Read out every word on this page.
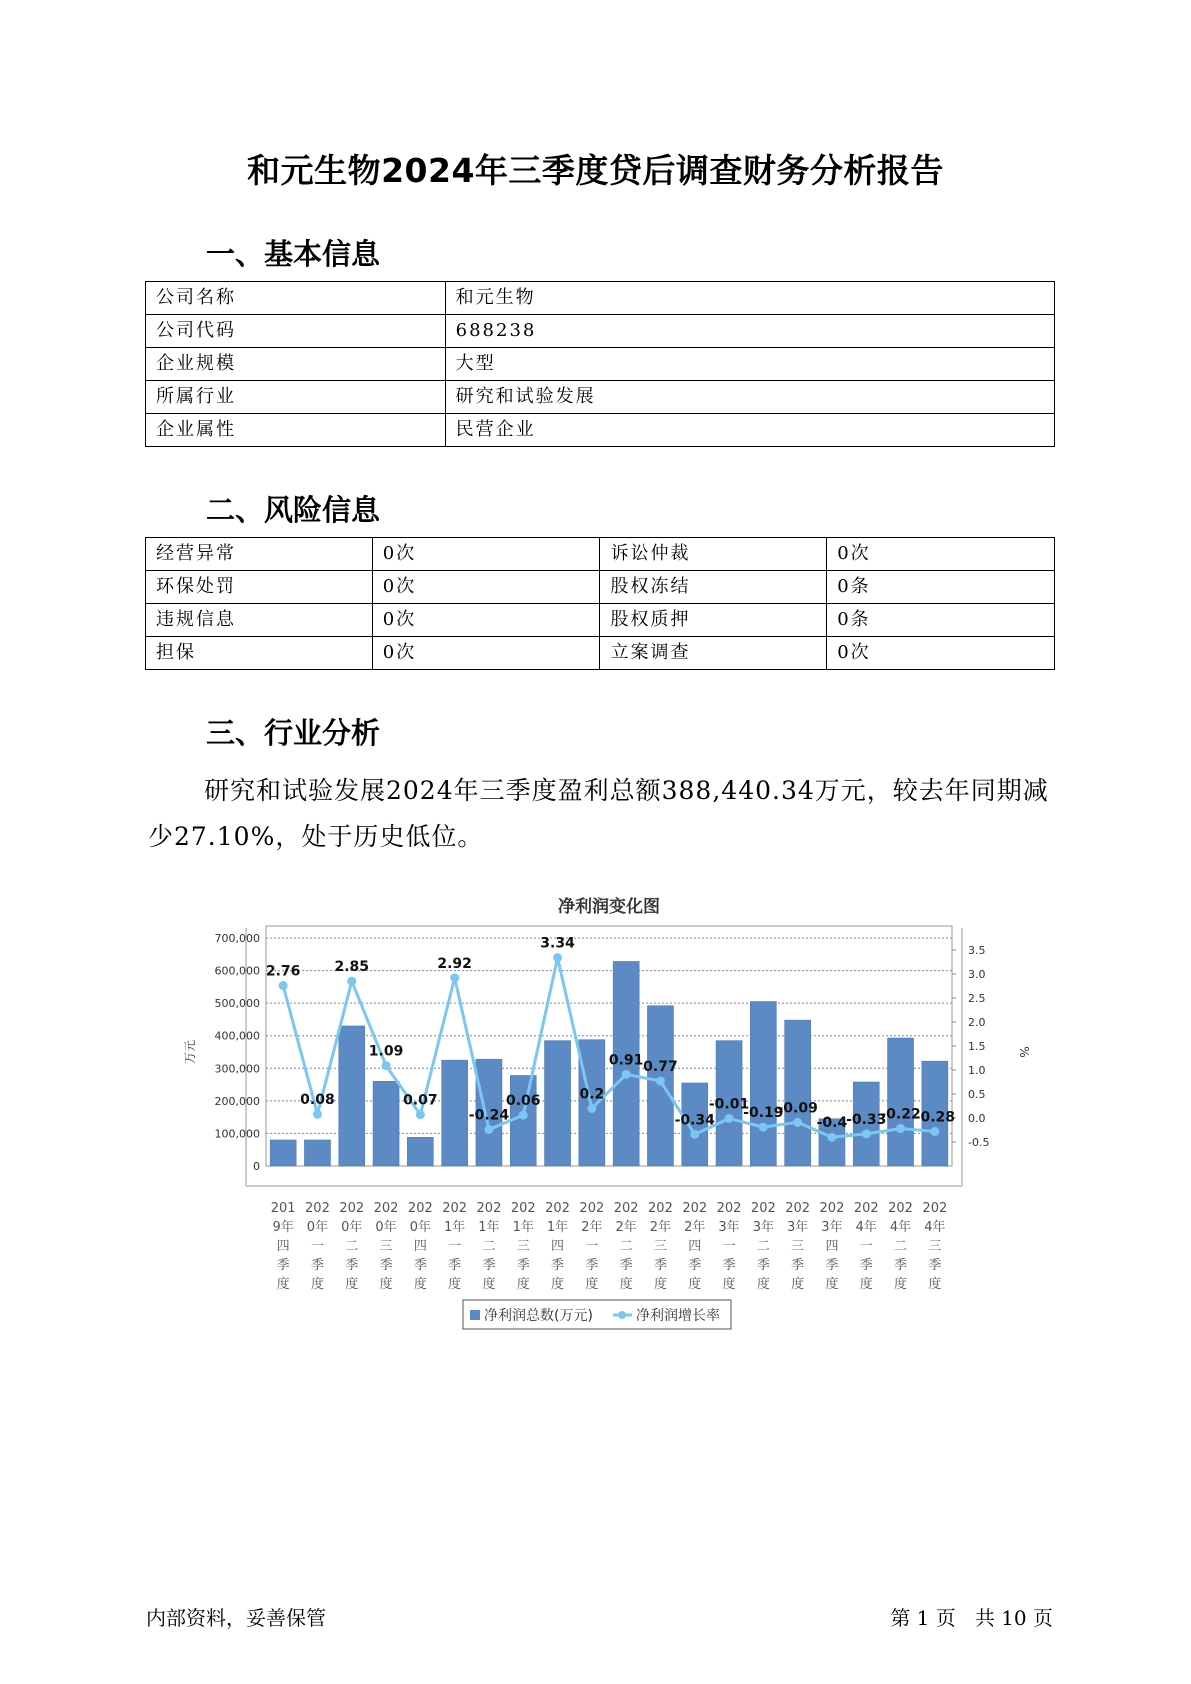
和元生物2024年三季度贷后调查财务分析报告
一、基本信息
公司名称	和元生物
公司代码	688238
企业规模	大型
所属行业	研究和试验发展
企业属性	民营企业
二、风险信息
经营异常	0次	诉讼仲裁	0次
环保处罚	0次	股权冻结	0条
违规信息	0次	股权质押	0条
担保	0次	立案调查	0次
三、行业分析
研究和试验发展2024年三季度盈利总额388,440.34万元，较去年同期减少27.10%，处于历史低位。
净利润变化图
0
100,000
200,000
300,000
400,000
500,000
600,000
700,000
-0.5
0.0
0.5
1.0
1.5
2.0
2.5
3.0
3.5
万元	%
2.76
0.08
2.85
1.09
0.07
2.92
-0.24
0.06
3.34
0.2
0.91 0.77
-0.34
-0.01
-0.19
-0.09
-0.4
-0.33
-0.22
-0.28
201
9年
四
季
度
202
0年
一
季
度
202
0年
二
季
度
202
0年
三
季
度
202
0年
四
季
度
202
1年
一
季
度
202
1年
二
季
度
202
1年
三
季
度
202
1年
四
季
度
202
2年
一
季
度
202
2年
二
季
度
202
2年
三
季
度
202
2年
四
季
度
202
3年
一
季
度
202
3年
二
季
度
202
3年
三
季
度
202
3年
四
季
度
202
4年
一
季
度
202
4年
二
季
度
202
4年
三
季
度
净利润总数(万元)	净利润增长率
内部资料，妥善保管	第 1 页   共 10 页
